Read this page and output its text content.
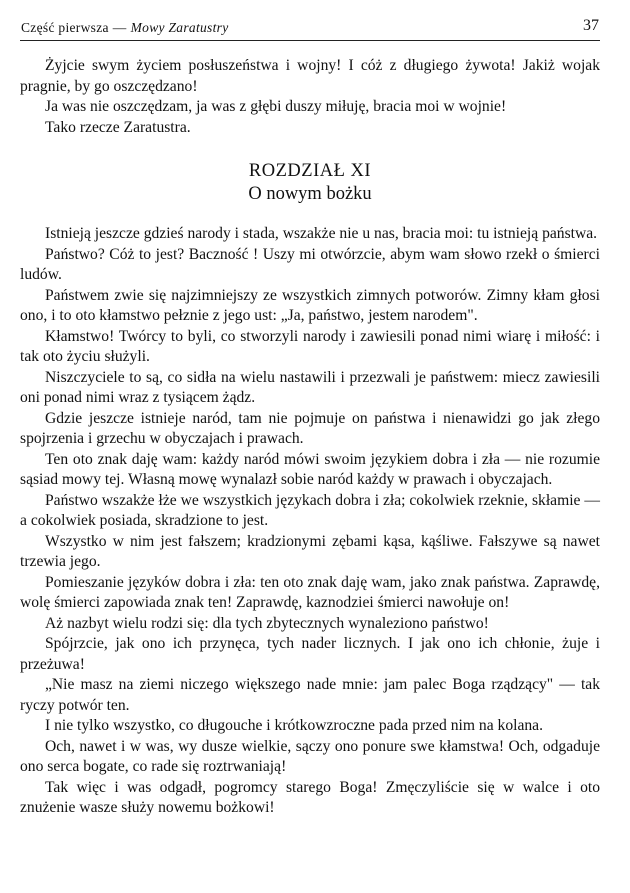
Część pierwsza — Mowy Zaratustry	37

Żyjcie swym życiem posłuszeństwa i wojny! I cóż z długiego żywota! Jakiż wojak pragnie, by go oszczędzano!

Ja was nie oszczędzam, ja was z głębi duszy miłuję, bracia moi w wojnie!

Tako rzecze Zaratustra.

ROZDZIAŁ XI
O nowym bożku

Istnieją jeszcze gdzieś narody i stada, wszakże nie u nas, bracia moi: tu istnieją państwa.

Państwo? Cóż to jest? Baczność ! Uszy mi otwórzcie, abym wam słowo rzekł o śmierci ludów.

Państwem zwie się najzimniejszy ze wszystkich zimnych potworów. Zimny kłam głosi ono, i to oto kłamstwo pełznie z jego ust: „Ja, państwo, jestem narodem".

Kłamstwo! Twórcy to byli, co stworzyli narody i zawiesili ponad nimi wiarę i miłość: i tak oto życiu służyli.

Niszczyciele to są, co sidła na wielu nastawili i przezwali je państwem: miecz zawiesili oni ponad nimi wraz z tysiącem żądz.

Gdzie jeszcze istnieje naród, tam nie pojmuje on państwa i nienawidzi go jak złego spojrzenia i grzechu w obyczajach i prawach.

Ten oto znak daję wam: każdy naród mówi swoim językiem dobra i zła — nie rozumie sąsiad mowy tej. Własną mowę wynalazł sobie naród każdy w prawach i obyczajach.

Państwo wszakże łże we wszystkich językach dobra i zła; cokolwiek rzeknie, skłamie — a cokolwiek posiada, skradzione to jest.

Wszystko w nim jest fałszem; kradzionymi zębami kąsa, kąśliwe. Fałszywe są nawet trzewia jego.

Pomieszanie języków dobra i zła: ten oto znak daję wam, jako znak państwa. Zaprawdę, wolę śmierci zapowiada znak ten! Zaprawdę, kaznodziei śmierci nawołuje on!

Aż nazbyt wielu rodzi się: dla tych zbytecznych wynaleziono państwo!

Spójrzcie, jak ono ich przynęca, tych nader licznych. I jak ono ich chłonie, żuje i przeżuwa!

„Nie masz na ziemi niczego większego nade mnie: jam palec Boga rządzący" — tak ryczy potwór ten.

I nie tylko wszystko, co długouche i krótkowzroczne pada przed nim na kolana.

Och, nawet i w was, wy dusze wielkie, sączy ono ponure swe kłamstwa! Och, odgaduje ono serca bogate, co rade się roztrwaniają!

Tak więc i was odgadł, pogromcy starego Boga! Zmęczyliście się w walce i oto znużenie wasze służy nowemu bożkowi!
